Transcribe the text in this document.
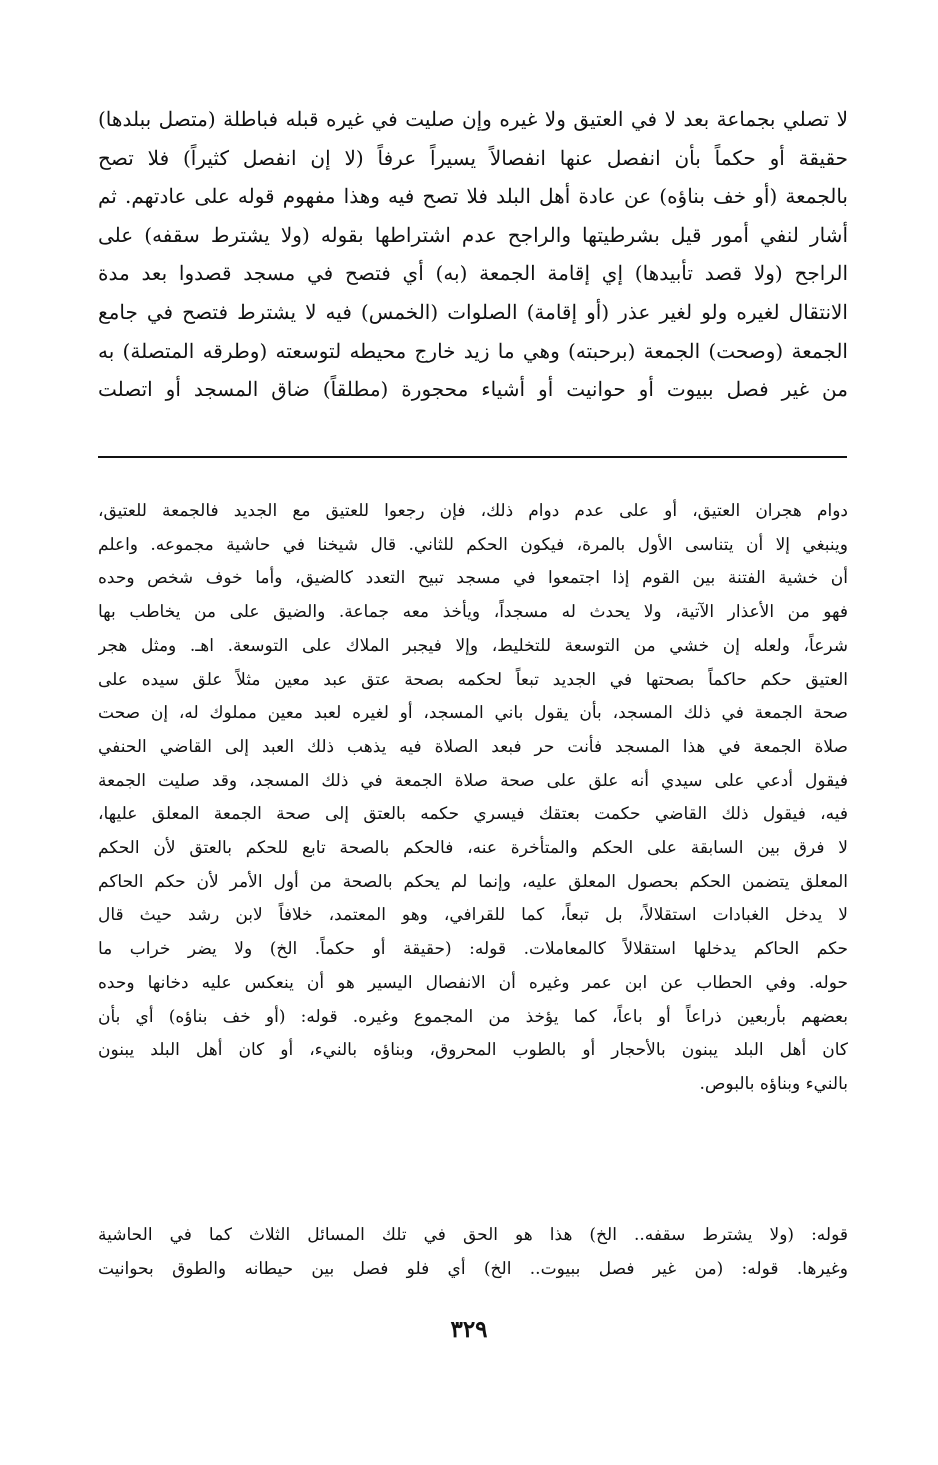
لا تصلي بجماعة بعد لا في العتيق ولا غيره وإن صليت في غيره قبله فباطلة (متصل ببلدها)
حقيقة أو حكماً بأن انفصل عنها انفصالاً يسيراً عرفاً (لا إن انفصل كثيراً) فلا تصح
بالجمعة (أو خف بناؤه) عن عادة أهل البلد فلا تصح فيه وهذا مفهوم قوله على عادتهم. ثم
أشار لنفي أمور قيل بشرطيتها والراجح عدم اشتراطها بقوله (ولا يشترط سقفه) على
الراجح (ولا قصد تأبيدها) إي إقامة الجمعة (به) أي فتصح في مسجد قصدوا بعد مدة
الانتقال لغيره ولو لغير عذر (أو إقامة) الصلوات (الخمس) فيه لا يشترط فتصح في جامع
الجمعة (وصحت) الجمعة (برحبته) وهي ما زيد خارج محيطه لتوسعته (وطرقه المتصلة) به
من غير فصل ببيوت أو حوانيت أو أشياء محجورة (مطلقاً) ضاق المسجد أو اتصلت
دوام هجران العتيق، أو على عدم دوام ذلك، فإن رجعوا للعتيق مع الجديد فالجمعة للعتيق،
وينبغي إلا أن يتناسى الأول بالمرة، فيكون الحكم للثاني. قال شيخنا في حاشية مجموعه. واعلم
أن خشية الفتنة بين القوم إذا اجتمعوا في مسجد تبيح التعدد كالضيق، وأما خوف شخص وحده
فهو من الأعذار الآتية، ولا يحدث له مسجداً، ويأخذ معه جماعة. والضيق على من يخاطب بها
شرعاً، ولعله إن خشي من التوسعة للتخليط، وإلا فيجبر الملاك على التوسعة. اهـ. ومثل هجر
العتيق حكم حاكماً بصحتها في الجديد تبعاً لحكمه بصحة عتق عبد معين مثلاً علق سيده على
صحة الجمعة في ذلك المسجد، بأن يقول باني المسجد، أو لغيره لعبد معين مملوك له، إن صحت
صلاة الجمعة في هذا المسجد فأنت حر فبعد الصلاة فيه يذهب ذلك العبد إلى القاضي الحنفي
فيقول أدعي على سيدي أنه علق على صحة صلاة الجمعة في ذلك المسجد، وقد صليت الجمعة
فيه، فيقول ذلك القاضي حكمت بعتقك فيسري حكمه بالعتق إلى صحة الجمعة المعلق عليها،
لا فرق بين السابقة على الحكم والمتأخرة عنه، فالحكم بالصحة تابع للحكم بالعتق لأن الحكم
المعلق يتضمن الحكم بحصول المعلق عليه، وإنما لم يحكم بالصحة من أول الأمر لأن حكم الحاكم
لا يدخل الغبادات استقلالاً، بل تبعاً، كما للقرافي، وهو المعتمد، خلافاً لابن رشد حيث قال
حكم الحاكم يدخلها استقلالاً كالمعاملات. قوله: (حقيقة أو حكماً. الخ) ولا يضر خراب ما
حوله. وفي الحطاب عن ابن عمر وغيره أن الانفصال اليسير هو أن ينعكس عليه دخانها وحده
بعضهم بأربعين ذراعاً أو باعاً، كما يؤخذ من المجموع وغيره. قوله: (أو خف بناؤه) أي بأن
كان أهل البلد يبنون بالأحجار أو بالطوب المحروق، وبناؤه بالنيء، أو كان أهل البلد يبنون
بالنيء وبناؤه بالبوص.
قوله: (ولا يشترط سقفه.. الخ) هذا هو الحق في تلك المسائل الثلاث كما في الحاشية
وغيرها. قوله: (من غير فصل ببيوت.. الخ) أي فلو فصل بين حيطانه والطوق بحوانيت
٣٢٩
